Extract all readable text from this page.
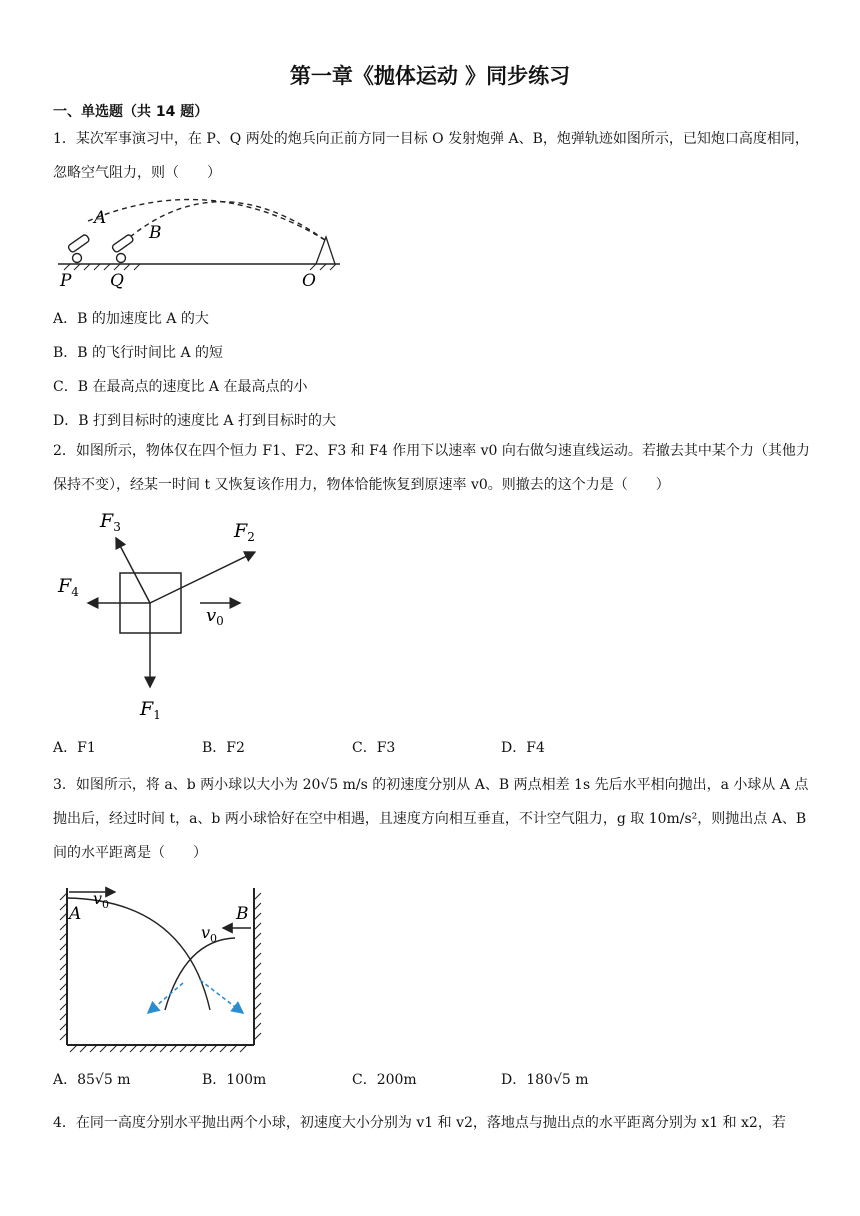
第一章《抛体运动 》同步练习
一、单选题（共 14 题）
1．某次军事演习中，在 P、Q 两处的炮兵向正前方同一目标 O 发射炮弹 A、B，炮弹轨迹如图所示，已知炮口高度相同，忽略空气阻力，则（　　）
A
B
P Q	O
A．B 的加速度比 A 的大
B．B 的飞行时间比 A 的短
C．B 在最高点的速度比 A 在最高点的小
D．B 打到目标时的速度比 A 打到目标时的大
2．如图所示，物体仅在四个恒力 F1、F2、F3 和 F4 作用下以速率 v0 向右做匀速直线运动。若撤去其中某个力（其他力保持不变），经某一时间 t 又恢复该作用力，物体恰能恢复到原速率 v0。则撤去的这个力是（　　）
$F_1$
$F_2$
$F_3$
$F_4$
$v_0$
A．F1	B．F2	C．F3	D．F4
3．如图所示，将 a、b 两小球以大小为 20√5 m/s 的初速度分别从 A、B 两点相差 1s 先后水平相向抛出，a 小球从 A 点抛出后，经过时间 t，a、b 两小球恰好在空中相遇，且速度方向相互垂直，不计空气阻力，g 取 10m/s²，则抛出点 A、B 间的水平距离是（　　）
A	B
$v_0$
$v_0$
A．85√5 m	B．100m	C．200m	D．180√5 m
4．在同一高度分别水平抛出两个小球，初速度大小分别为 v1 和 v2，落地点与抛出点的水平距离分别为 x1 和 x2，若
